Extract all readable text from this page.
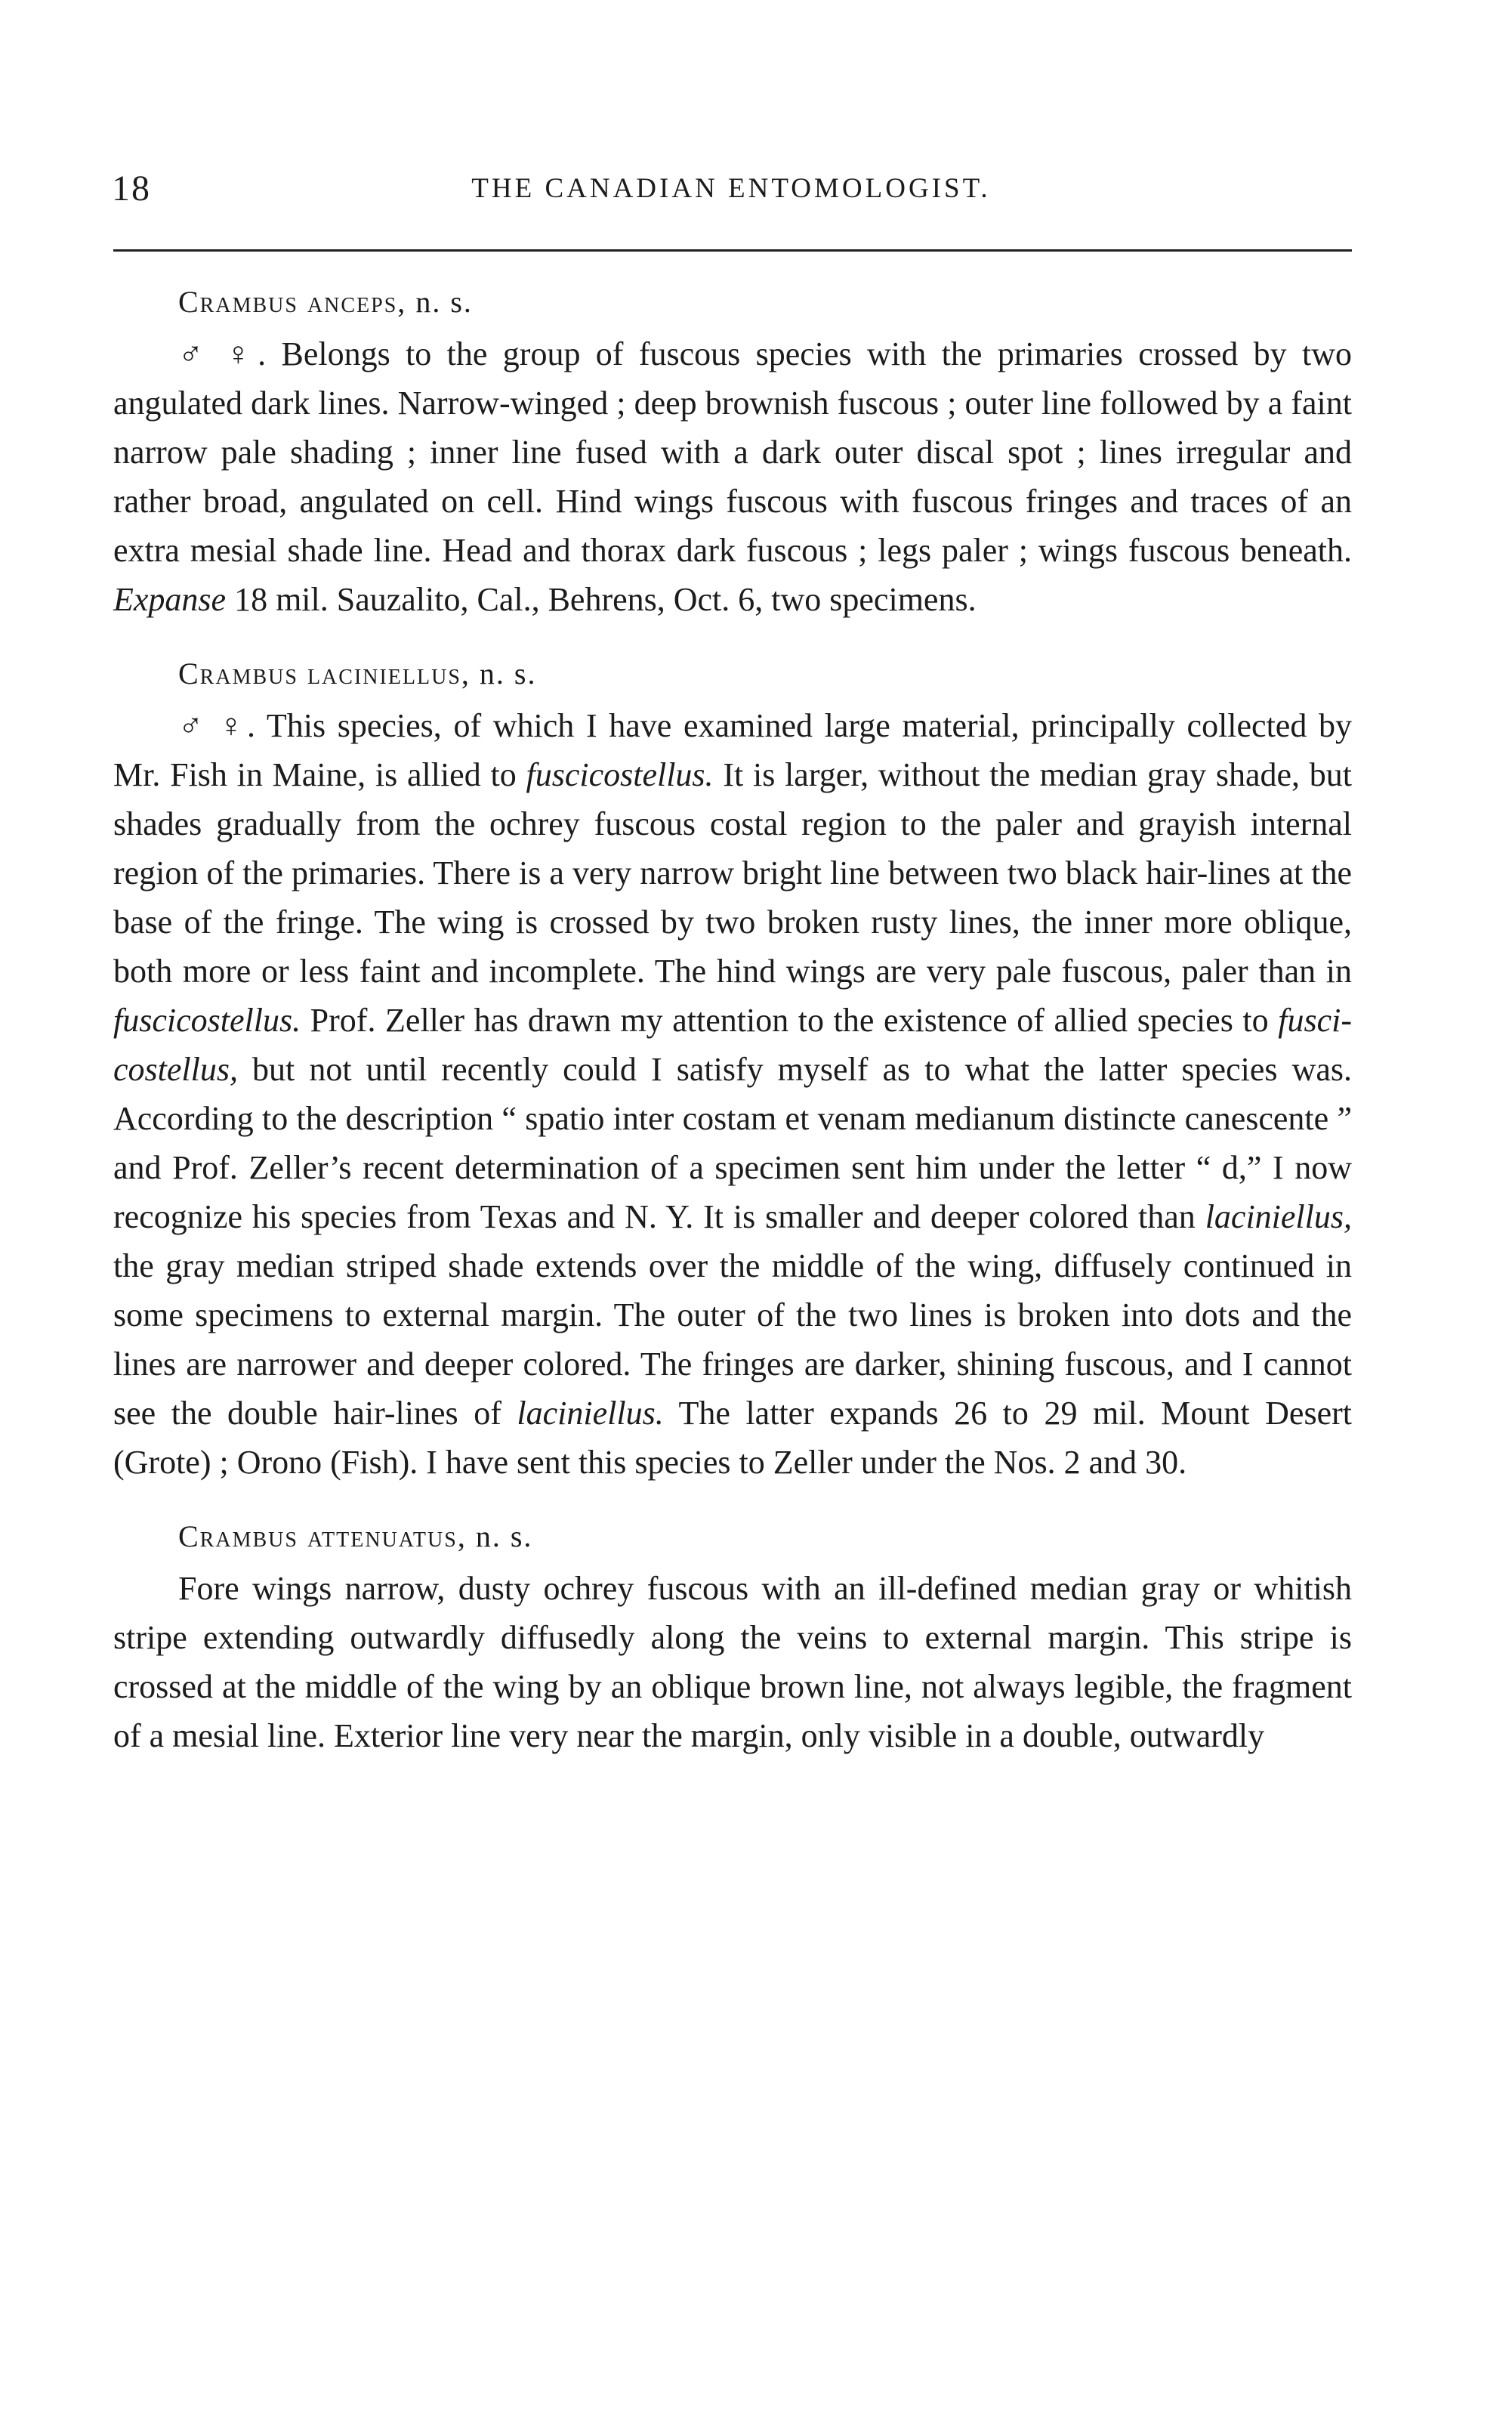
18	THE CANADIAN ENTOMOLOGIST.
Crambus anceps, n. s.

♂ ♀. Belongs to the group of fuscous species with the primaries crossed by two angulated dark lines. Narrow-winged ; deep brownish fuscous ; outer line followed by a faint narrow pale shading ; inner line fused with a dark outer discal spot ; lines irregular and rather broad, angulated on cell. Hind wings fuscous with fuscous fringes and traces of an extra mesial shade line. Head and thorax dark fuscous ; legs paler ; wings fuscous beneath. Expanse 18 mil. Sauzalito, Cal., Behrens, Oct. 6, two specimens.

Crambus laciniellus, n. s.

♂ ♀. This species, of which I have examined large material, principally collected by Mr. Fish in Maine, is allied to fuscicostellus. It is larger, without the median gray shade, but shades gradually from the ochrey fuscous costal region to the paler and grayish internal region of the primaries. There is a very narrow bright line between two black hair-lines at the base of the fringe. The wing is crossed by two broken rusty lines, the inner more oblique, both more or less faint and incomplete. The hind wings are very pale fuscous, paler than in fuscicostellus. Prof. Zeller has drawn my attention to the existence of allied species to fusci-costellus, but not until recently could I satisfy myself as to what the latter species was. According to the description “ spatio inter costam et venam medianum distincte canescente ” and Prof. Zeller’s recent determination of a specimen sent him under the letter “ d,” I now recognize his species from Texas and N. Y. It is smaller and deeper colored than laciniellus, the gray median striped shade extends over the middle of the wing, diffusely continued in some specimens to external margin. The outer of the two lines is broken into dots and the lines are narrower and deeper colored. The fringes are darker, shining fuscous, and I cannot see the double hair-lines of laciniellus. The latter expands 26 to 29 mil. Mount Desert (Grote) ; Orono (Fish). I have sent this species to Zeller under the Nos. 2 and 30.

Crambus attenuatus, n. s.

Fore wings narrow, dusty ochrey fuscous with an ill-defined median gray or whitish stripe extending outwardly diffusedly along the veins to external margin. This stripe is crossed at the middle of the wing by an oblique brown line, not always legible, the fragment of a mesial line. Exterior line very near the margin, only visible in a double, outwardly
